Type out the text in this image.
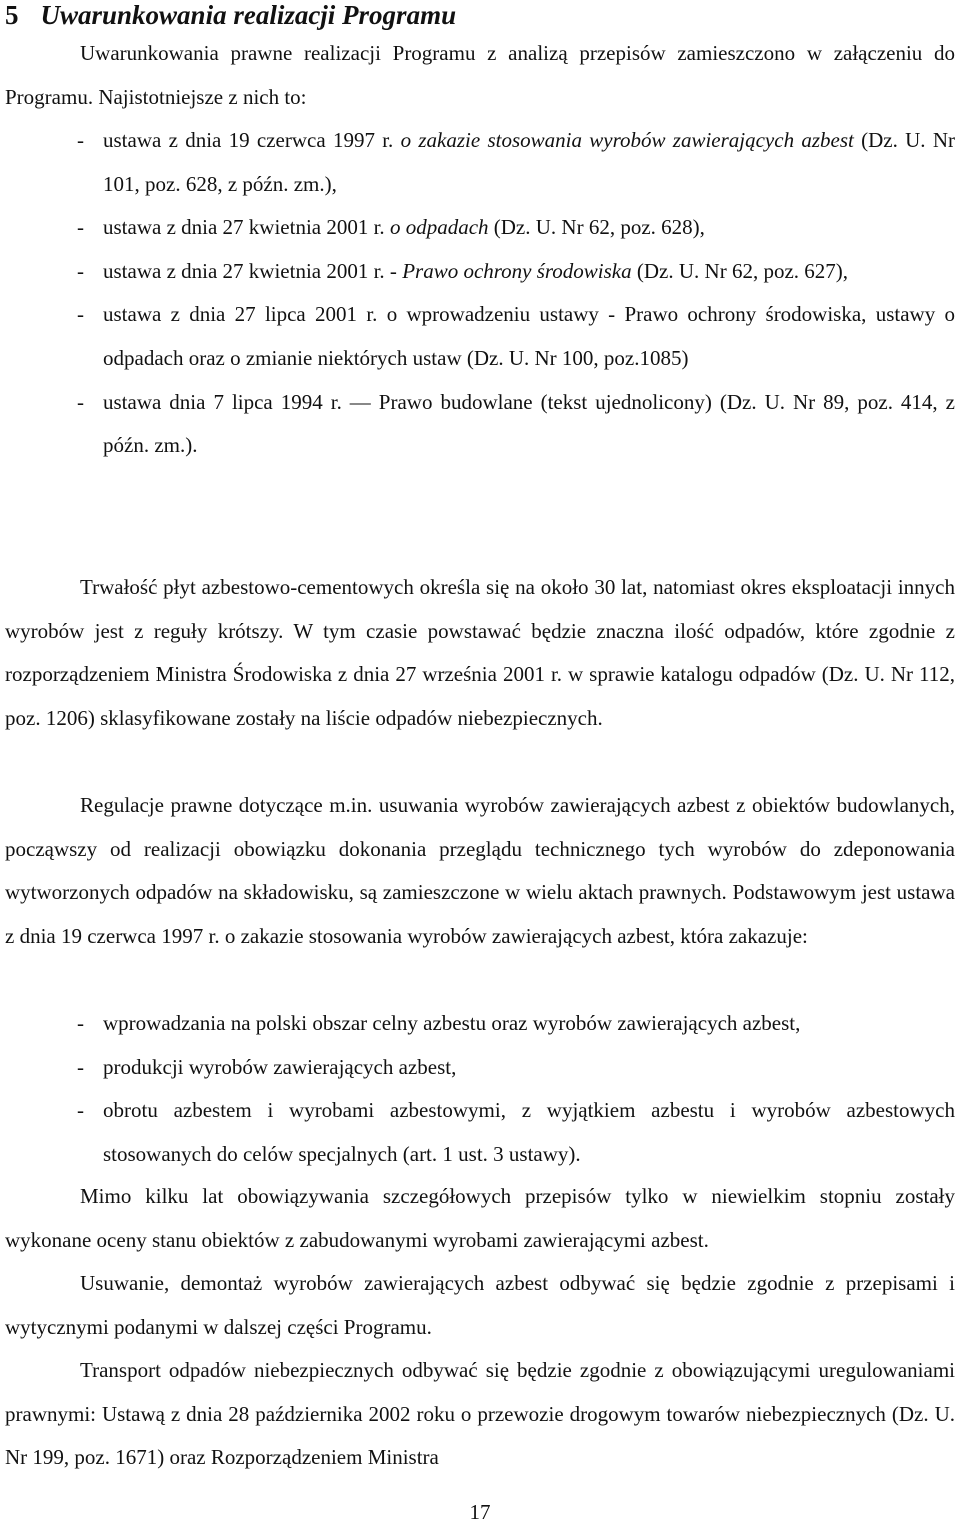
5 Uwarunkowania realizacji Programu

Uwarunkowania prawne realizacji Programu z analizą przepisów zamieszczono w załączeniu do Programu. Najistotniejsze z nich to:

- ustawa z dnia 19 czerwca 1997 r. o zakazie stosowania wyrobów zawierających azbest (Dz. U. Nr 101, poz. 628, z późn. zm.),
- ustawa z dnia 27 kwietnia 2001 r. o odpadach (Dz. U. Nr 62, poz. 628),
- ustawa z dnia 27 kwietnia 2001 r. - Prawo ochrony środowiska (Dz. U. Nr 62, poz. 627),
- ustawa z dnia 27 lipca 2001 r. o wprowadzeniu ustawy - Prawo ochrony środowiska, ustawy o odpadach oraz o zmianie niektórych ustaw (Dz. U. Nr 100, poz.1085)
- ustawa dnia 7 lipca 1994 r. — Prawo budowlane (tekst ujednolicony) (Dz. U. Nr 89, poz. 414, z późn. zm.).

Trwałość płyt azbestowo-cementowych określa się na około 30 lat, natomiast okres eksploatacji innych wyrobów jest z reguły krótszy. W tym czasie powstawać będzie znaczna ilość odpadów, które zgodnie z rozporządzeniem Ministra Środowiska z dnia 27 września 2001 r. w sprawie katalogu odpadów (Dz. U. Nr 112, poz. 1206) sklasyfikowane zostały na liście odpadów niebezpiecznych.

Regulacje prawne dotyczące m.in. usuwania wyrobów zawierających azbest z obiektów budowlanych, począwszy od realizacji obowiązku dokonania przeglądu technicznego tych wyrobów do zdeponowania wytworzonych odpadów na składowisku, są zamieszczone w wielu aktach prawnych. Podstawowym jest ustawa z dnia 19 czerwca 1997 r. o zakazie stosowania wyrobów zawierających azbest, która zakazuje:

- wprowadzania na polski obszar celny azbestu oraz wyrobów zawierających azbest,
- produkcji wyrobów zawierających azbest,
- obrotu azbestem i wyrobami azbestowymi, z wyjątkiem azbestu i wyrobów azbestowych stosowanych do celów specjalnych (art. 1 ust. 3 ustawy).

Mimo kilku lat obowiązywania szczegółowych przepisów tylko w niewielkim stopniu zostały wykonane oceny stanu obiektów z zabudowanymi wyrobami zawierającymi azbest.

Usuwanie, demontaż wyrobów zawierających azbest odbywać się będzie zgodnie z przepisami i wytycznymi podanymi w dalszej części Programu.

Transport odpadów niebezpiecznych odbywać się będzie zgodnie z obowiązującymi uregulowaniami prawnymi: Ustawą z dnia 28 października 2002 roku o przewozie drogowym towarów niebezpiecznych (Dz. U. Nr 199, poz. 1671) oraz Rozporządzeniem Ministra

17
